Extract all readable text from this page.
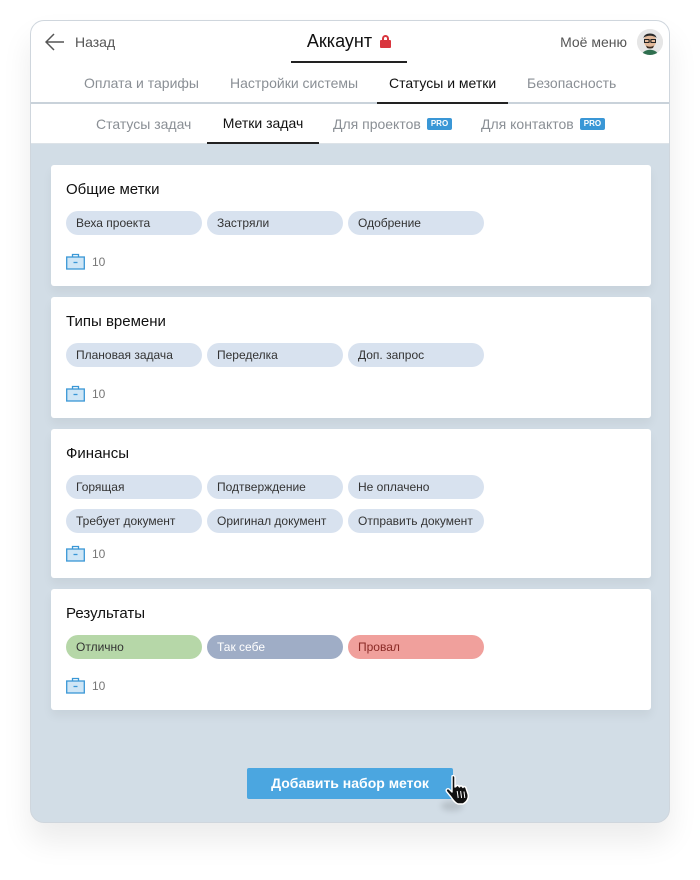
Назад	Аккаунт	Моё меню
Оплата и тарифы Настройки системы	Статусы и метки	Безопасность
Статусы задач Метки задач Для проектов	PRO Для контактов	PRO
Общие метки
Веха проекта	Застряли	Одобрение
10
Типы времени
Плановая задача	Переделка	Доп. запрос
10
Финансы
Горящая	Подтверждение	Не оплачено
Требует документ	Оригинал документ	Отправить документ
10
Результаты
Отлично	Так себе	Провал
10
Добавить набор меток
